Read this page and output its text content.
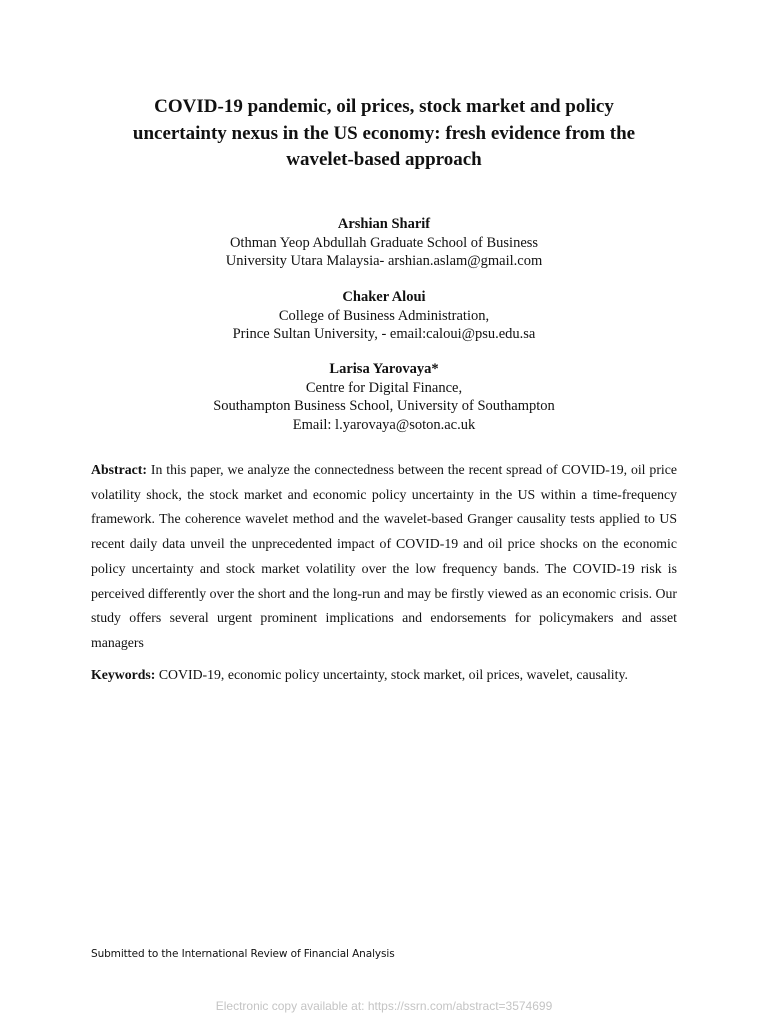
COVID-19 pandemic, oil prices, stock market and policy
uncertainty nexus in the US economy: fresh evidence from the
wavelet-based approach
Arshian Sharif
Othman Yeop Abdullah Graduate School of Business
University Utara Malaysia- arshian.aslam@gmail.com
Chaker Aloui
College of Business Administration,
Prince Sultan University, - email:caloui@psu.edu.sa
Larisa Yarovaya*
Centre for Digital Finance,
Southampton Business School, University of Southampton
Email: l.yarovaya@soton.ac.uk

Abstract: In this paper, we analyze the connectedness between the recent spread of COVID-19, oil price volatility shock, the stock market and economic policy uncertainty in the US within a time-frequency framework. The coherence wavelet method and the wavelet-based Granger causality tests applied to US recent daily data unveil the unprecedented impact of COVID-19 and oil price shocks on the economic policy uncertainty and stock market volatility over the low frequency bands. The COVID-19 risk is perceived differently over the short and the long-run and may be firstly viewed as an economic crisis. Our study offers several urgent prominent implications and endorsements for policymakers and asset managers

Keywords: COVID-19, economic policy uncertainty, stock market, oil prices, wavelet, causality.

Submitted to the International Review of Financial Analysis
Electronic copy available at: https://ssrn.com/abstract=3574699
